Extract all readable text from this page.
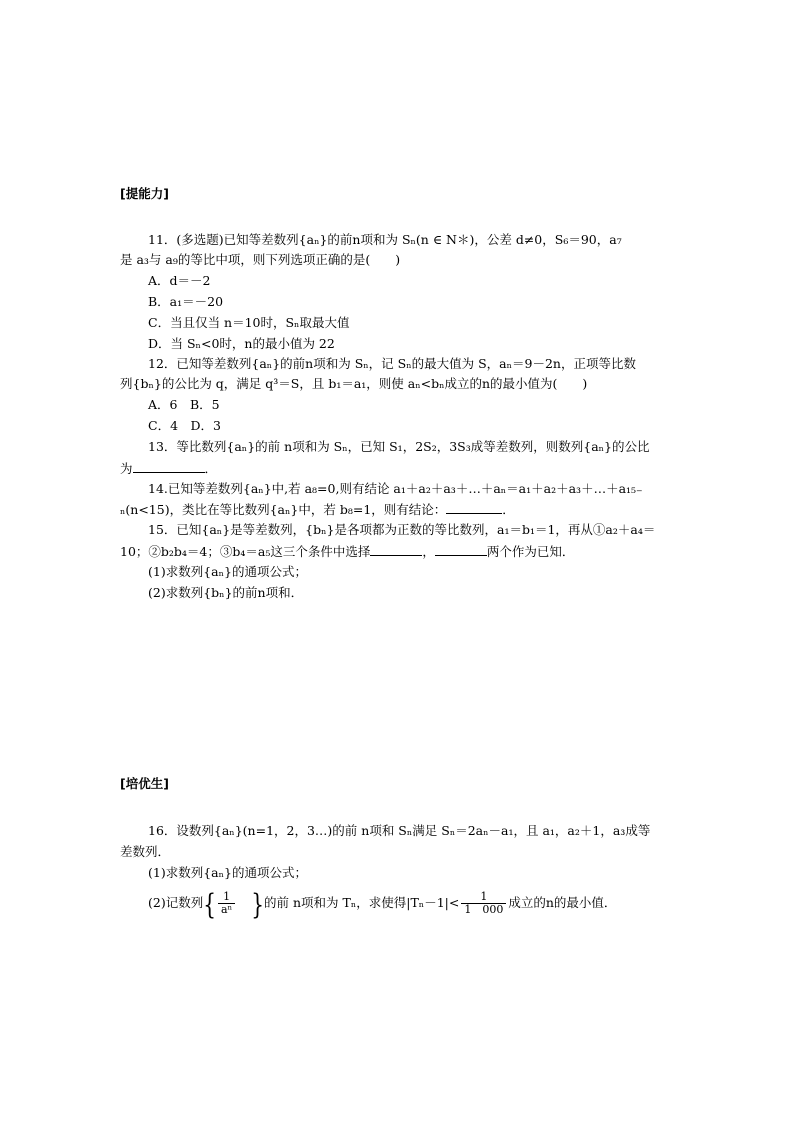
[提能力]
11．(多选题)已知等差数列{aₙ}的前n项和为 Sₙ(n ∈ N＊)，公差 d≠0，S₆＝90，a₇
是 a₃与 a₉的等比中项，则下列选项正确的是(　　)
A．d＝－2
B．a₁＝－20
C．当且仅当 n＝10时，Sₙ取最大值
D．当 Sₙ<0时，n的最小值为 22
12．已知等差数列{aₙ}的前n项和为 Sₙ，记 Sₙ的最大值为 S，aₙ＝9－2n，正项等比数
列{bₙ}的公比为 q，满足 q³＝S，且 b₁＝a₁，则使 aₙ<bₙ成立的n的最小值为(　　)
A．6　B．5
C．4　D．3
13．等比数列{aₙ}的前 n项和为 Sₙ，已知 S₁，2S₂，3S₃成等差数列，则数列{aₙ}的公比
为	．
14.已知等差数列{aₙ}中,若 a₈=0,则有结论 a₁＋a₂＋a₃＋…＋aₙ＝a₁＋a₂＋a₃＋…＋a₁₅₋
ₙ(n<15)，类比在等比数列{aₙ}中，若 b₈=1，则有结论：	．
15．已知{aₙ}是等差数列，{bₙ}是各项都为正数的等比数列，a₁＝b₁＝1，再从①a₂＋a₄＝
10；②b₂b₄＝4；③b₄＝a₅这三个条件中选择	，	两个作为已知．
(1)求数列{aₙ}的通项公式；
(2)求数列{bₙ}的前n项和．
[培优生]
16．设数列{aₙ}(n=1，2，3…)的前 n项和 Sₙ满足 Sₙ＝2aₙ－a₁，且 a₁，a₂＋1，a₃成等
差数列．
(1)求数列{aₙ}的通项公式；
(2)记数列{ $\frac{1}{\text{aⁿ}}$ }的前 n项和为 Tₙ，求使得$|T_n-1|< \frac{1}{1 000}$ 成立的n的最小值．
